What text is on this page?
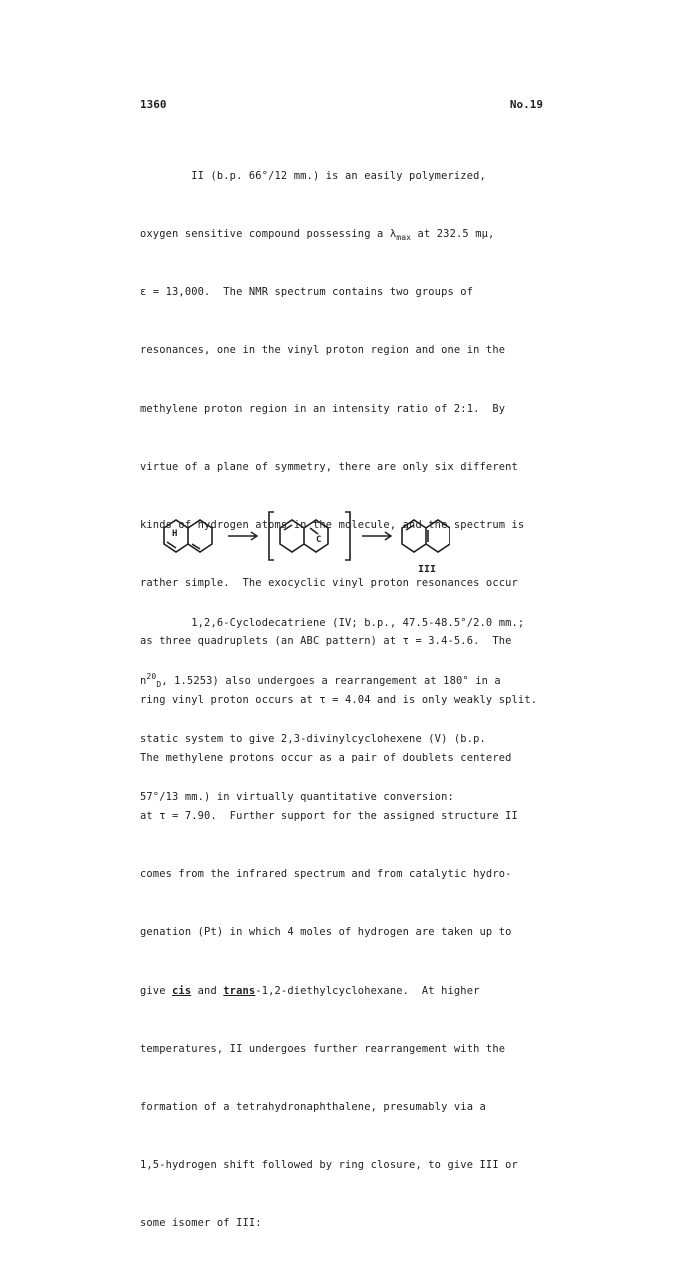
1360	No.19

II (b.p. 66°/12 mm.) is an easily polymerized,

oxygen sensitive compound possessing a $\lambda_{max}$ at 232.5 mμ,

ε = 13,000.  The NMR spectrum contains two groups of

resonances, one in the vinyl proton region and one in the

methylene proton region in an intensity ratio of 2:1.  By

virtue of a plane of symmetry, there are only six different

kinds of hydrogen atoms in the molecule, and the spectrum is

rather simple.  The exocyclic vinyl proton resonances occur

as three quadruplets (an ABC pattern) at τ = 3.4-5.6.  The

ring vinyl proton occurs at τ = 4.04 and is only weakly split.

The methylene protons occur as a pair of doublets centered

at τ = 7.90.  Further support for the assigned structure II

comes from the infrared spectrum and from catalytic hydro-

genation (Pt) in which 4 moles of hydrogen are taken up to

give cis and trans-1,2-diethylcyclohexane.  At higher

temperatures, II undergoes further rearrangement with the

formation of a tetrahydronaphthalene, presumably via a

1,5-hydrogen shift followed by ring closure, to give III or

some isomer of III:

H
C
III

1,2,6-Cyclodecatriene (IV; b.p., 47.5-48.5°/2.0 mm.;

$n^{20}_D$, 1.5253) also undergoes a rearrangement at 180° in a

static system to give 2,3-divinylcyclohexene (V) (b.p.

57°/13 mm.) in virtually quantitative conversion:
